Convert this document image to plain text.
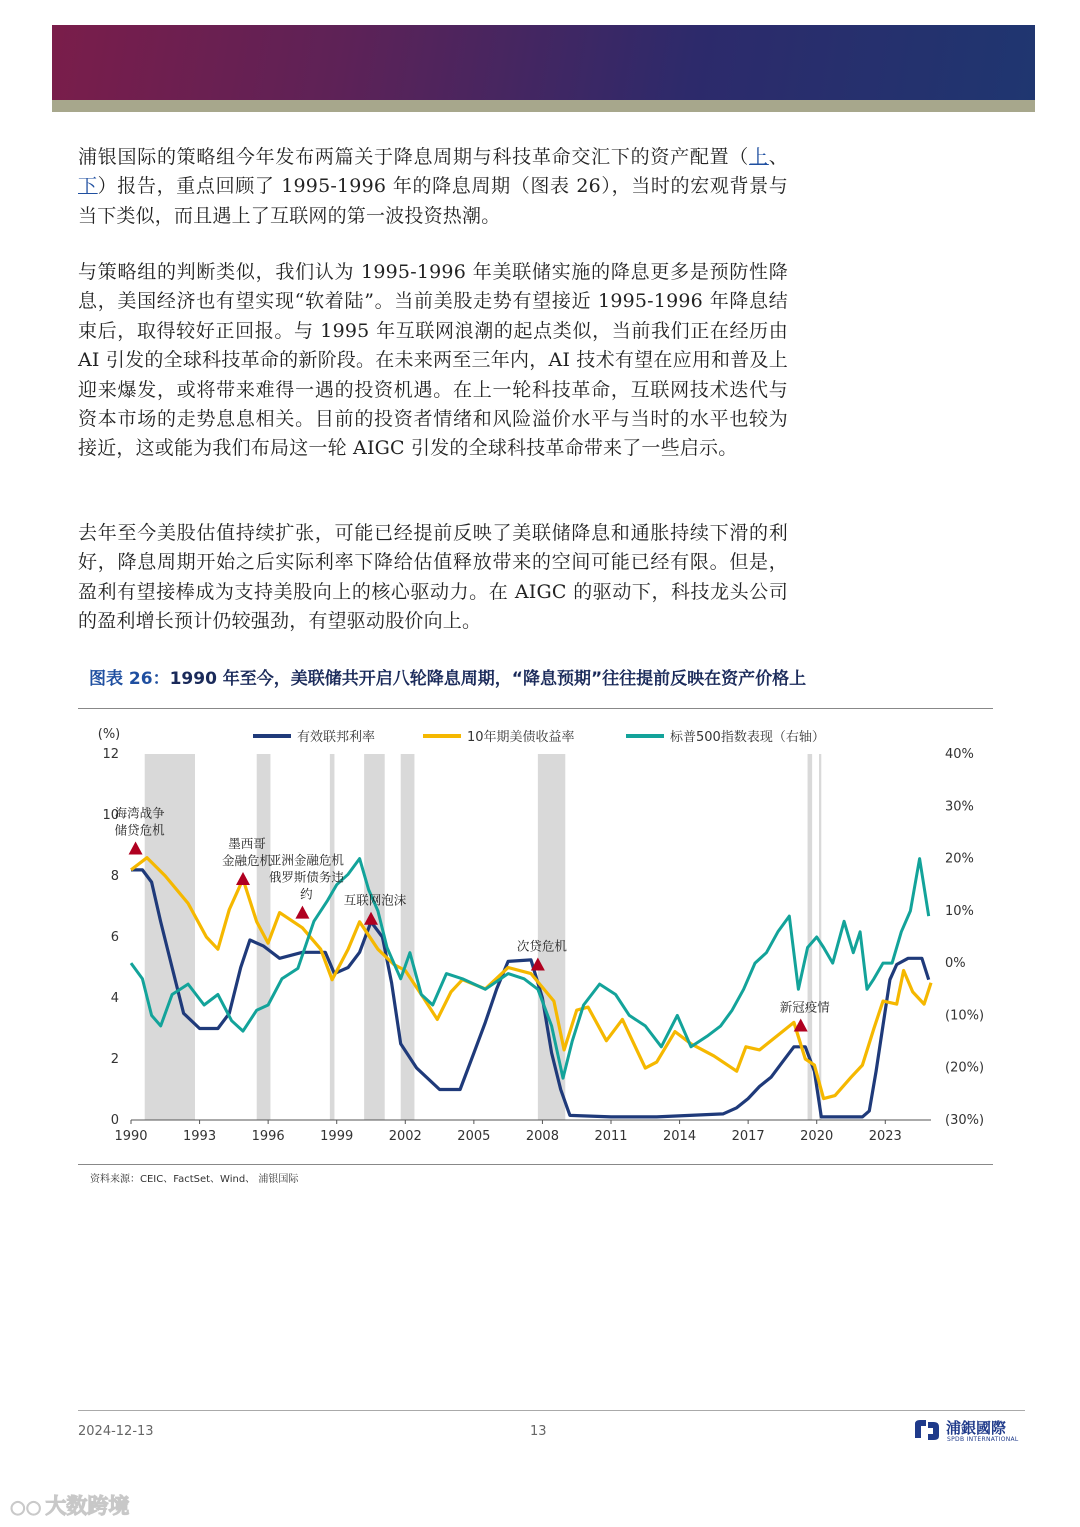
浦银国际的策略组今年发布两篇关于降息周期与科技革命交汇下的资产配置（上、下）报告，重点回顾了 1995-1996 年的降息周期（图表 26），当时的宏观背景与当下类似，而且遇上了互联网的第一波投资热潮。

与策略组的判断类似，我们认为 1995-1996 年美联储实施的降息更多是预防性降息，美国经济也有望实现“软着陆”。当前美股走势有望接近 1995-1996 年降息结束后，取得较好正回报。与 1995 年互联网浪潮的起点类似，当前我们正在经历由 AI 引发的全球科技革命的新阶段。在未来两至三年内，AI 技术有望在应用和普及上迎来爆发，或将带来难得一遇的投资机遇。在上一轮科技革命，互联网技术迭代与资本市场的走势息息相关。目前的投资者情绪和风险溢价水平与当时的水平也较为接近，这或能为我们布局这一轮 AIGC 引发的全球科技革命带来了一些启示。

去年至今美股估值持续扩张，可能已经提前反映了美联储降息和通胀持续下滑的利好，降息周期开始之后实际利率下降给估值释放带来的空间可能已经有限。但是，盈利有望接棒成为支持美股向上的核心驱动力。在 AIGC 的驱动下，科技龙头公司的盈利增长预计仍较强劲，有望驱动股价向上。

图表 26：1990 年至今，美联储共开启八轮降息周期，“降息预期”往往提前反映在资产价格上

0
2
4
6
8
10
12
(%)
(30%)
(20%)
(10%)
0%
10%
20%
30%
40%
1990	1993	1996	1999	2002	2005	2008	2011	2014	2017	2020	2023
有效联邦利率	10年期美债收益率	标普500指数表现（右轴）
海湾战争
储贷危机
墨西哥
金融危机
亚洲金融危机
俄罗斯债务违
约 互联网泡沫
次贷危机
新冠疫情

资料来源：CEIC、FactSet、Wind、 浦银国际

2024-12-13	13	浦銀國際
SPDB INTERNATIONAL
○○ 大数跨境
